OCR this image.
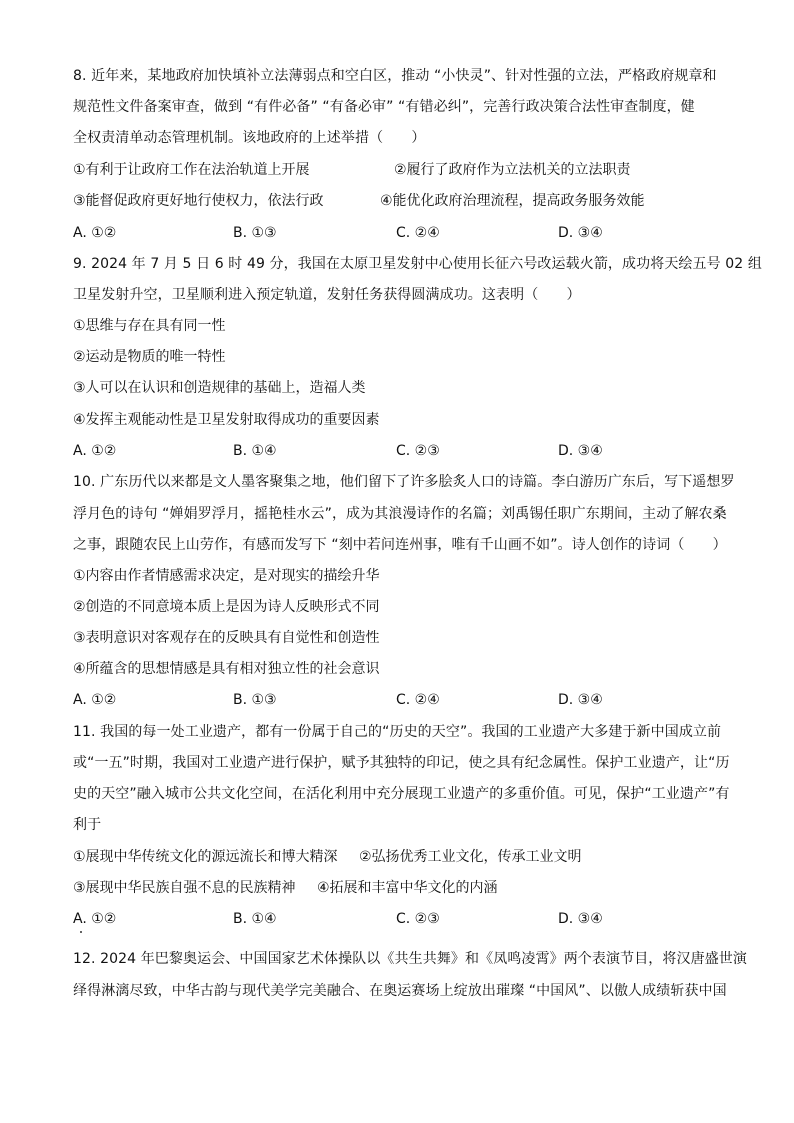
8. 近年来，某地政府加快填补立法薄弱点和空白区，推动 “小快灵”、针对性强的立法，严格政府规章和
规范性文件备案审查，做到 “有件必备” “有备必审” “有错必纠”，完善行政决策合法性审查制度，健
全权责清单动态管理机制。该地政府的上述举措（　　）
①有利于让政府工作在法治轨道上开展	②履行了政府作为立法机关的立法职责
③能督促政府更好地行使权力，依法行政	④能优化政府治理流程，提高政务服务效能
A. ①②	B. ①③	C. ②④	D. ③④
9. 2024 年 7 月 5 日 6 时 49 分，我国在太原卫星发射中心使用长征六号改运载火箭，成功将天绘五号 02 组
卫星发射升空，卫星顺利进入预定轨道，发射任务获得圆满成功。这表明（　　）
①思维与存在具有同一性
②运动是物质的唯一特性
③人可以在认识和创造规律的基础上，造福人类
④发挥主观能动性是卫星发射取得成功的重要因素
A. ①②	B. ①④	C. ②③	D. ③④
10. 广东历代以来都是文人墨客聚集之地，他们留下了许多脍炙人口的诗篇。李白游历广东后，写下遥想罗
浮月色的诗句 “婵娟罗浮月，摇艳桂水云”，成为其浪漫诗作的名篇；刘禹锡任职广东期间，主动了解农桑
之事，跟随农民上山劳作，有感而发写下 “刻中若问连州事，唯有千山画不如”。诗人创作的诗词（　　）
①内容由作者情感需求决定，是对现实的描绘升华
②创造的不同意境本质上是因为诗人反映形式不同
③表明意识对客观存在的反映具有自觉性和创造性
④所蕴含的思想情感是具有相对独立性的社会意识
A. ①②	B. ①③	C. ②④	D. ③④
11. 我国的每一处工业遗产，都有一份属于自己的“历史的天空”。我国的工业遗产大多建于新中国成立前
或“一五”时期，我国对工业遗产进行保护，赋予其独特的印记，使之具有纪念属性。保护工业遗产，让“历
史的天空”融入城市公共文化空间，在活化利用中充分展现工业遗产的多重价值。可见，保护“工业遗产”有
利于
①展现中华传统文化的源远流长和博大精深 ②弘扬优秀工业文化，传承工业文明
③展现中华民族自强不息的民族精神 ④拓展和丰富中华文化的内涵
A. ①②	B. ①④	C. ②③	D. ③④
12. 2024 年巴黎奥运会、中国国家艺术体操队以《共生共舞》和《凤鸣凌霄》两个表演节目，将汉唐盛世演
绎得淋漓尽致，中华古韵与现代美学完美融合、在奥运赛场上绽放出璀璨 “中国风”、以傲人成绩斩获中国
